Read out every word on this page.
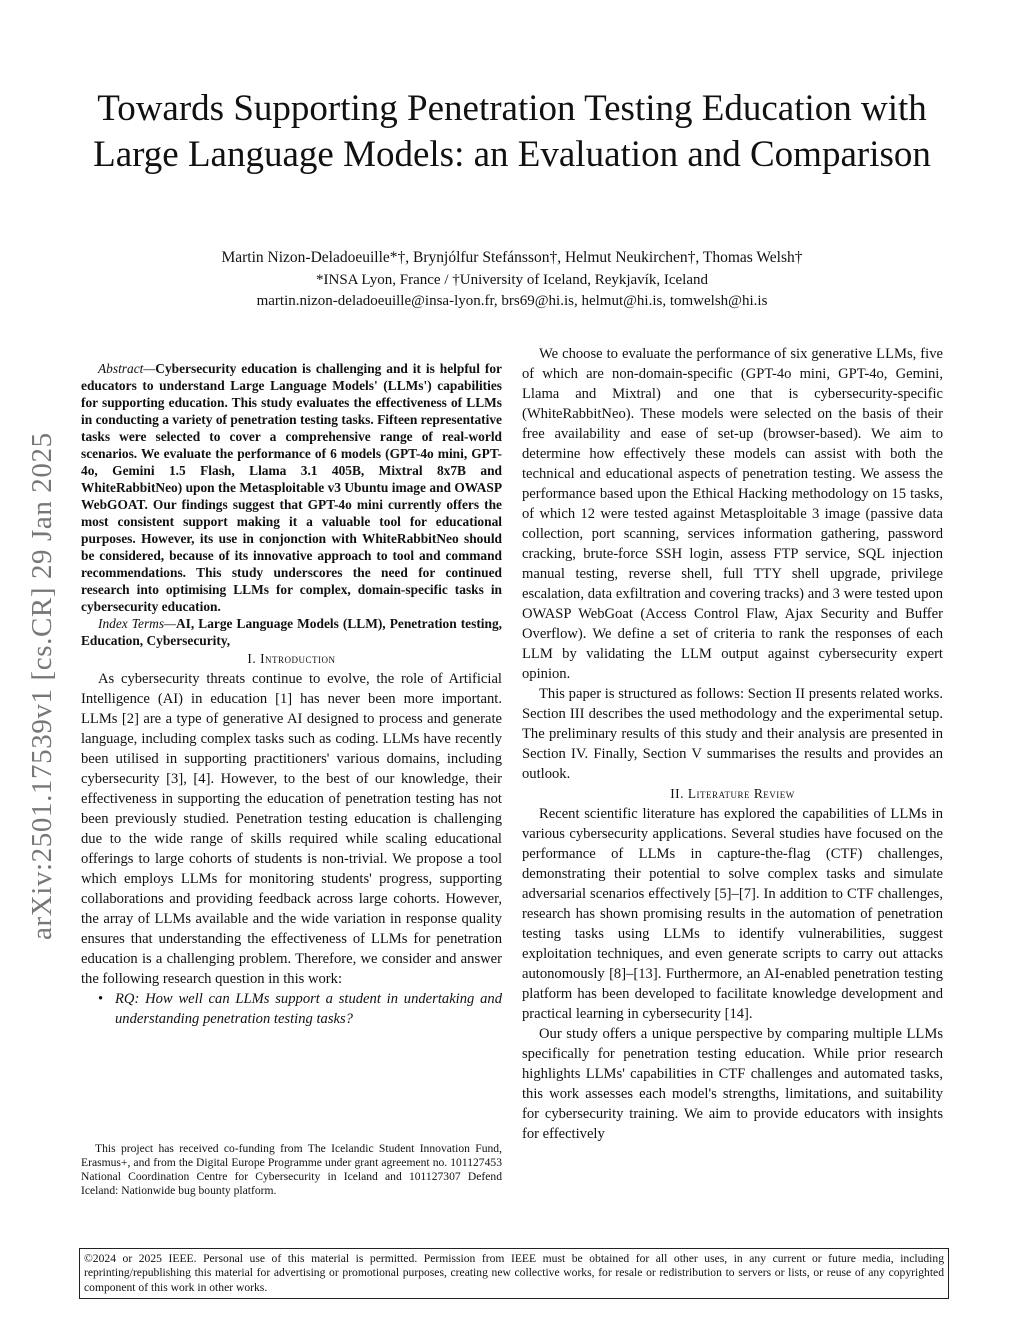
Towards Supporting Penetration Testing Education with Large Language Models: an Evaluation and Comparison
Martin Nizon-Deladoeuille*†, Brynjólfur Stefánsson†, Helmut Neukirchen†, Thomas Welsh†
*INSA Lyon, France / †University of Iceland, Reykjavík, Iceland
martin.nizon-deladoeuille@insa-lyon.fr, brs69@hi.is, helmut@hi.is, tomwelsh@hi.is
arXiv:2501.17539v1 [cs.CR] 29 Jan 2025

Abstract—Cybersecurity education is challenging and it is helpful for educators to understand Large Language Models' (LLMs') capabilities for supporting education. This study evaluates the effectiveness of LLMs in conducting a variety of penetration testing tasks. Fifteen representative tasks were selected to cover a comprehensive range of real-world scenarios. We evaluate the performance of 6 models (GPT-4o mini, GPT-4o, Gemini 1.5 Flash, Llama 3.1 405B, Mixtral 8x7B and WhiteRabbitNeo) upon the Metasploitable v3 Ubuntu image and OWASP WebGOAT. Our findings suggest that GPT-4o mini currently offers the most consistent support making it a valuable tool for educational purposes. However, its use in conjonction with WhiteRabbitNeo should be considered, because of its innovative approach to tool and command recommendations. This study underscores the need for continued research into optimising LLMs for complex, domain-specific tasks in cybersecurity education.

Index Terms—AI, Large Language Models (LLM), Penetration testing, Education, Cybersecurity,

I. Introduction

As cybersecurity threats continue to evolve, the role of Artificial Intelligence (AI) in education [1] has never been more important. LLMs [2] are a type of generative AI designed to process and generate language, including complex tasks such as coding. LLMs have recently been utilised in supporting practitioners' various domains, including cybersecurity [3], [4]. However, to the best of our knowledge, their effectiveness in supporting the education of penetration testing has not been previously studied. Penetration testing education is challenging due to the wide range of skills required while scaling educational offerings to large cohorts of students is non-trivial. We propose a tool which employs LLMs for monitoring students' progress, supporting collaborations and providing feedback across large cohorts. However, the array of LLMs available and the wide variation in response quality ensures that understanding the effectiveness of LLMs for penetration education is a challenging problem. Therefore, we consider and answer the following research question in this work:

• RQ: How well can LLMs support a student in undertaking and understanding penetration testing tasks?

This project has received co-funding from The Icelandic Student Innovation Fund, Erasmus+, and from the Digital Europe Programme under grant agreement no. 101127453 National Coordination Centre for Cybersecurity in Iceland and 101127307 Defend Iceland: Nationwide bug bounty platform.

We choose to evaluate the performance of six generative LLMs, five of which are non-domain-specific (GPT-4o mini, GPT-4o, Gemini, Llama and Mixtral) and one that is cybersecurity-specific (WhiteRabbitNeo). These models were selected on the basis of their free availability and ease of set-up (browser-based). We aim to determine how effectively these models can assist with both the technical and educational aspects of penetration testing. We assess the performance based upon the Ethical Hacking methodology on 15 tasks, of which 12 were tested against Metasploitable 3 image (passive data collection, port scanning, services information gathering, password cracking, brute-force SSH login, assess FTP service, SQL injection manual testing, reverse shell, full TTY shell upgrade, privilege escalation, data exfiltration and covering tracks) and 3 were tested upon OWASP WebGoat (Access Control Flaw, Ajax Security and Buffer Overflow). We define a set of criteria to rank the responses of each LLM by validating the LLM output against cybersecurity expert opinion.

This paper is structured as follows: Section II presents related works. Section III describes the used methodology and the experimental setup. The preliminary results of this study and their analysis are presented in Section IV. Finally, Section V summarises the results and provides an outlook.

II. Literature Review

Recent scientific literature has explored the capabilities of LLMs in various cybersecurity applications. Several studies have focused on the performance of LLMs in capture-the-flag (CTF) challenges, demonstrating their potential to solve complex tasks and simulate adversarial scenarios effectively [5]–[7]. In addition to CTF challenges, research has shown promising results in the automation of penetration testing tasks using LLMs to identify vulnerabilities, suggest exploitation techniques, and even generate scripts to carry out attacks autonomously [8]–[13]. Furthermore, an AI-enabled penetration testing platform has been developed to facilitate knowledge development and practical learning in cybersecurity [14].

Our study offers a unique perspective by comparing multiple LLMs specifically for penetration testing education. While prior research highlights LLMs' capabilities in CTF challenges and automated tasks, this work assesses each model's strengths, limitations, and suitability for cybersecurity training. We aim to provide educators with insights for effectively

©2024 or 2025 IEEE. Personal use of this material is permitted. Permission from IEEE must be obtained for all other uses, in any current or future media, including reprinting/republishing this material for advertising or promotional purposes, creating new collective works, for resale or redistribution to servers or lists, or reuse of any copyrighted component of this work in other works.
